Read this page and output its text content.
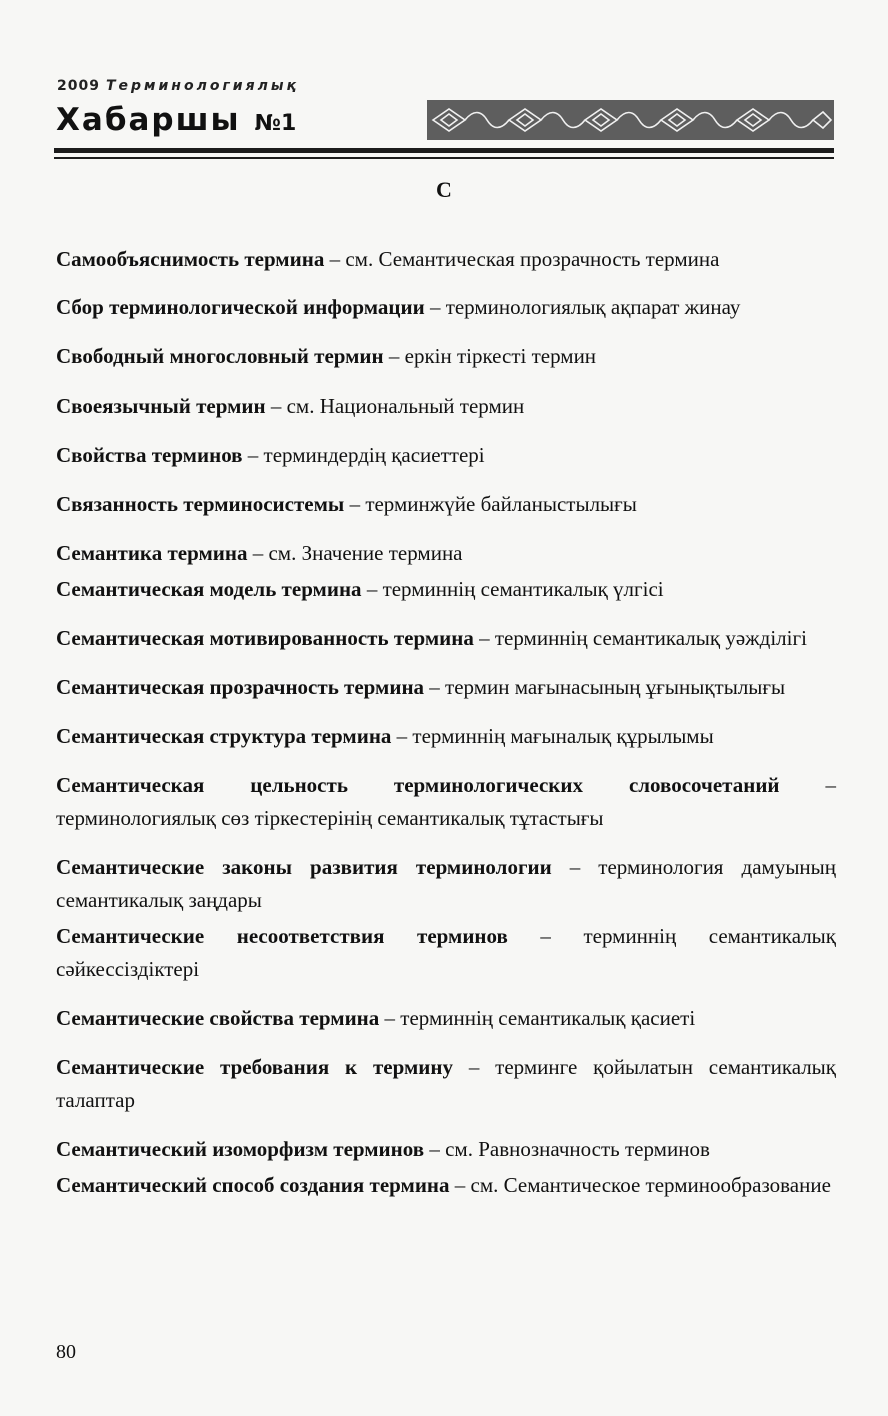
2009 Терминологиялық
Хабаршы №1
С

Самообъяснимость термина – см. Семантическая прозрачность термина

Сбор терминологической информации – терминологиялық ақпарат жинау

Свободный многословный термин – еркін тіркесті термин

Своеязычный термин – см. Национальный термин

Свойства терминов – терминдердің қасиеттері

Связанность терминосистемы – терминжүйе байланыстылығы

Семантика термина – см. Значение термина

Семантическая модель термина – терминнің семантикалық үлгісі

Семантическая мотивированность термина – терминнің семантикалық уәждiлiгi

Семантическая прозрачность термина – термин мағынасының ұғынықтылығы

Семантическая структура термина – терминнің мағыналық құрылымы

Семантическая цельность терминологических словосочетаний – терминологиялық сөз тіркестерінің семантикалық тұтастығы

Семантические законы развития терминологии – терминология дамуының семантикалық заңдары

Семантические несоответствия терминов – терминнің семантикалық сәйкессіздіктері

Семантические свойства термина – терминнің семантикалық қасиеті

Семантические требования к термину – терминге қойылатын семантикалық талаптар

Семантический изоморфизм терминов – см. Равнозначность терминов

Семантический способ создания термина – см. Семантическое терминообразование

80
